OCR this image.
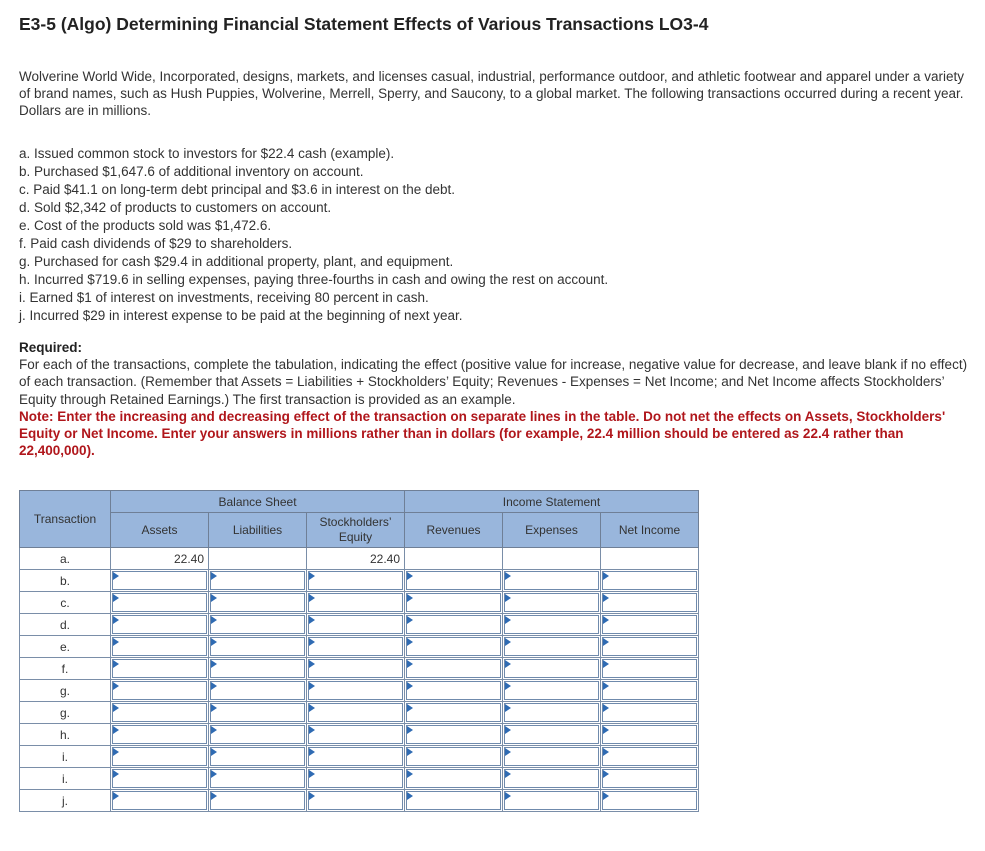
E3-5 (Algo) Determining Financial Statement Effects of Various Transactions LO3-4

Wolverine World Wide, Incorporated, designs, markets, and licenses casual, industrial, performance outdoor, and athletic footwear and apparel under a variety of brand names, such as Hush Puppies, Wolverine, Merrell, Sperry, and Saucony, to a global market. The following transactions occurred during a recent year. Dollars are in millions.

a. Issued common stock to investors for $22.4 cash (example).
b. Purchased $1,647.6 of additional inventory on account.
c. Paid $41.1 on long-term debt principal and $3.6 in interest on the debt.
d. Sold $2,342 of products to customers on account.
e. Cost of the products sold was $1,472.6.
f. Paid cash dividends of $29 to shareholders.
g. Purchased for cash $29.4 in additional property, plant, and equipment.
h. Incurred $719.6 in selling expenses, paying three-fourths in cash and owing the rest on account.
i. Earned $1 of interest on investments, receiving 80 percent in cash.
j. Incurred $29 in interest expense to be paid at the beginning of next year.
Required:
For each of the transactions, complete the tabulation, indicating the effect (positive value for increase, negative value for decrease, and leave blank if no effect) of each transaction. (Remember that Assets = Liabilities + Stockholders’ Equity; Revenues - Expenses = Net Income; and Net Income affects Stockholders’ Equity through Retained Earnings.) The first transaction is provided as an example.
Note: Enter the increasing and decreasing effect of the transaction on separate lines in the table. Do not net the effects on Assets, Stockholders' Equity or Net Income. Enter your answers in millions rather than in dollars (for example, 22.4 million should be entered as 22.4 rather than 22,400,000).
Transaction	Balance Sheet			Income Statement		
	Assets	Liabilities	Stockholders’ Equity	Revenues	Expenses	Net Income
a.	22.40		22.40			
b.	

c.	

d.	

e.	

f.	

g.	

g.	

h.	

i.	

i.	

j.	
